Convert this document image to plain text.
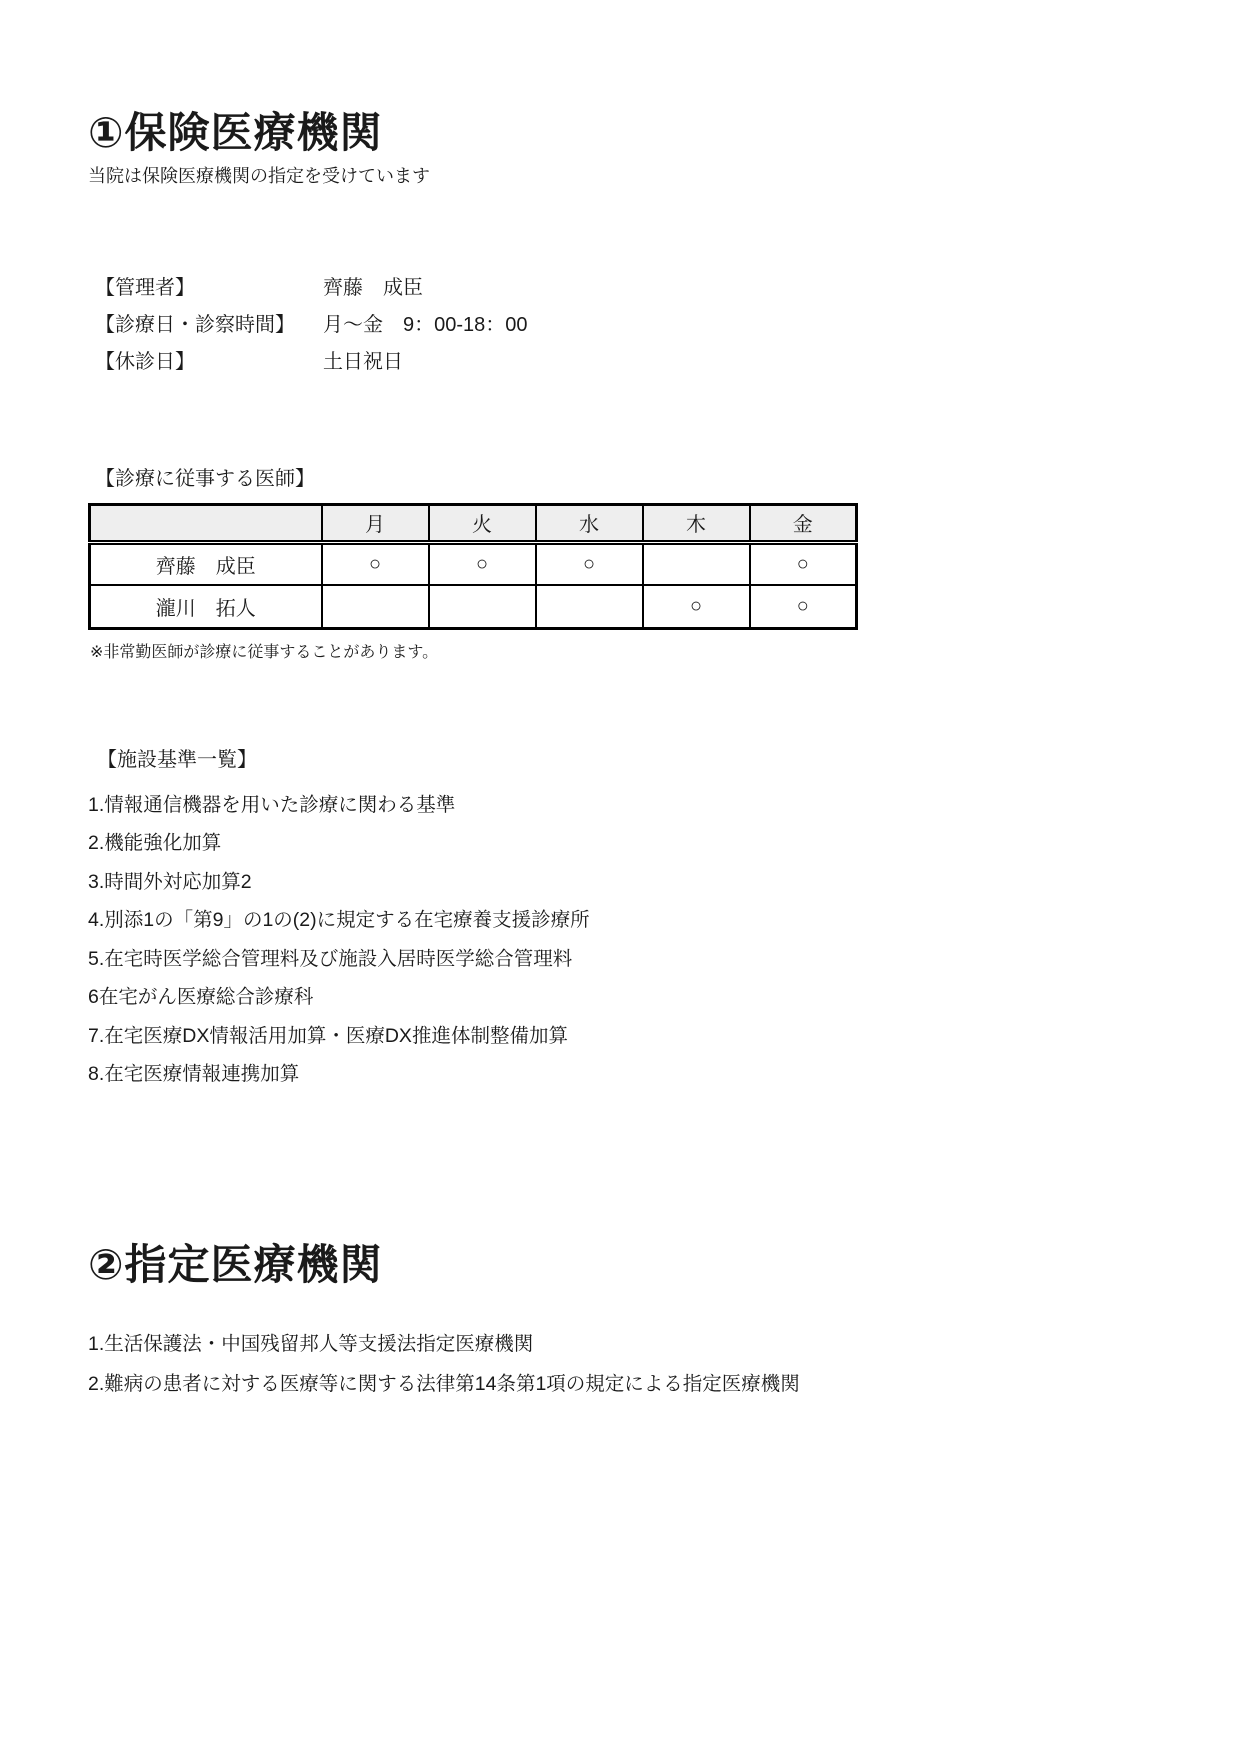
①保険医療機関

当院は保険医療機関の指定を受けています

【管理者】	齊藤　成臣
【診療日・診察時間】	月～金　9：00-18：00
【休診日】	土日祝日
【診療に従事する医師】
	月	火	水	木	金
齊藤　成臣	○	○	○		○
瀧川　拓人				○	○
※非常勤医師が診療に従事することがあります。
【施設基準一覧】
1.情報通信機器を用いた診療に関わる基準
2.機能強化加算
3.時間外対応加算2
4.別添1の「第9」の1の(2)に規定する在宅療養支援診療所
5.在宅時医学総合管理料及び施設入居時医学総合管理料
6在宅がん医療総合診療科
7.在宅医療DX情報活用加算・医療DX推進体制整備加算
8.在宅医療情報連携加算
②指定医療機関
1.生活保護法・中国残留邦人等支援法指定医療機関
2.難病の患者に対する医療等に関する法律第14条第1項の規定による指定医療機関
